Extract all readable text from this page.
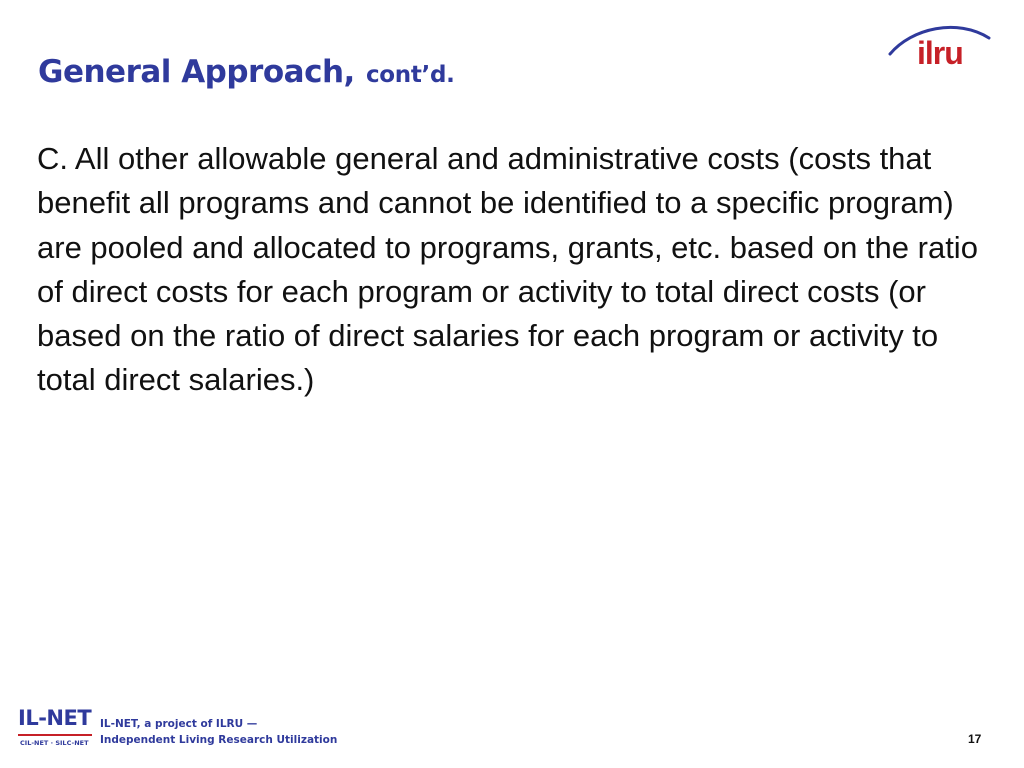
General Approach, cont’d.

ilru

C. All other allowable general and administrative costs (costs that benefit all programs and cannot be identified to a specific program) are pooled and allocated to programs, grants, etc. based on the ratio of direct costs for each program or activity to total direct costs (or based on the ratio of direct salaries for each program or activity to total direct salaries.)

IL-NET

CIL-NET · SILC-NET

IL-NET, a project of ILRU —
Independent Living Research Utilization	17
